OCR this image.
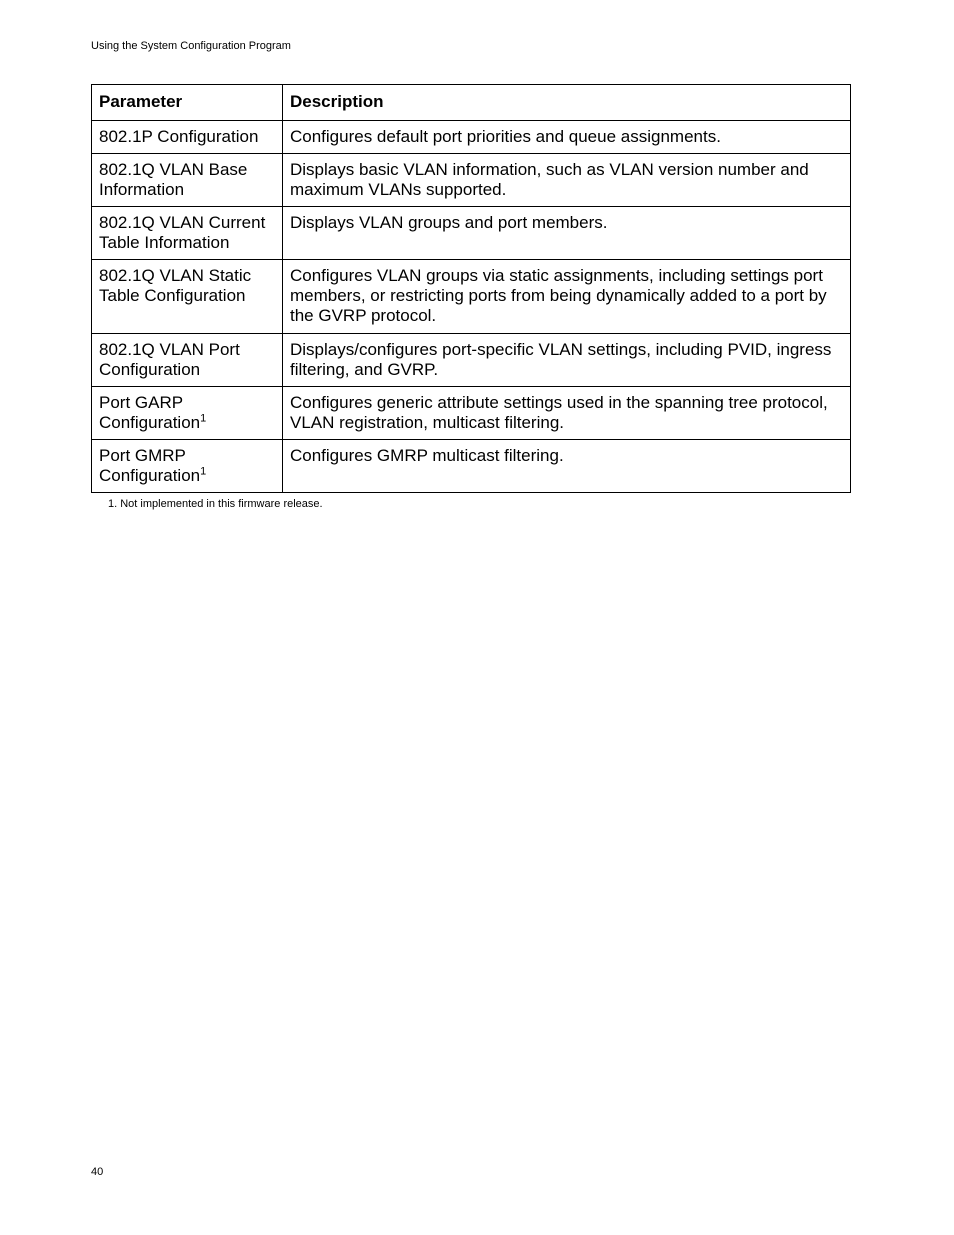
Using the System Configuration Program
Parameter	Description
802.1P Configuration	Configures default port priorities and queue assignments.
802.1Q VLAN Base Information	Displays basic VLAN information, such as VLAN version number and maximum VLANs supported.
802.1Q VLAN Current Table Information	Displays VLAN groups and port members.
802.1Q VLAN Static Table Configuration	Configures VLAN groups via static assignments, including settings port members, or restricting ports from being dynamically added to a port by the GVRP protocol.
802.1Q VLAN Port Configuration	Displays/configures port-specific VLAN settings, including PVID, ingress filtering, and GVRP.
Port GARP Configuration$^1$	Configures generic attribute settings used in the spanning tree protocol, VLAN registration, multicast filtering.
Port GMRP Configuration$^1$	Configures GMRP multicast filtering.
1. Not implemented in this firmware release.
40
